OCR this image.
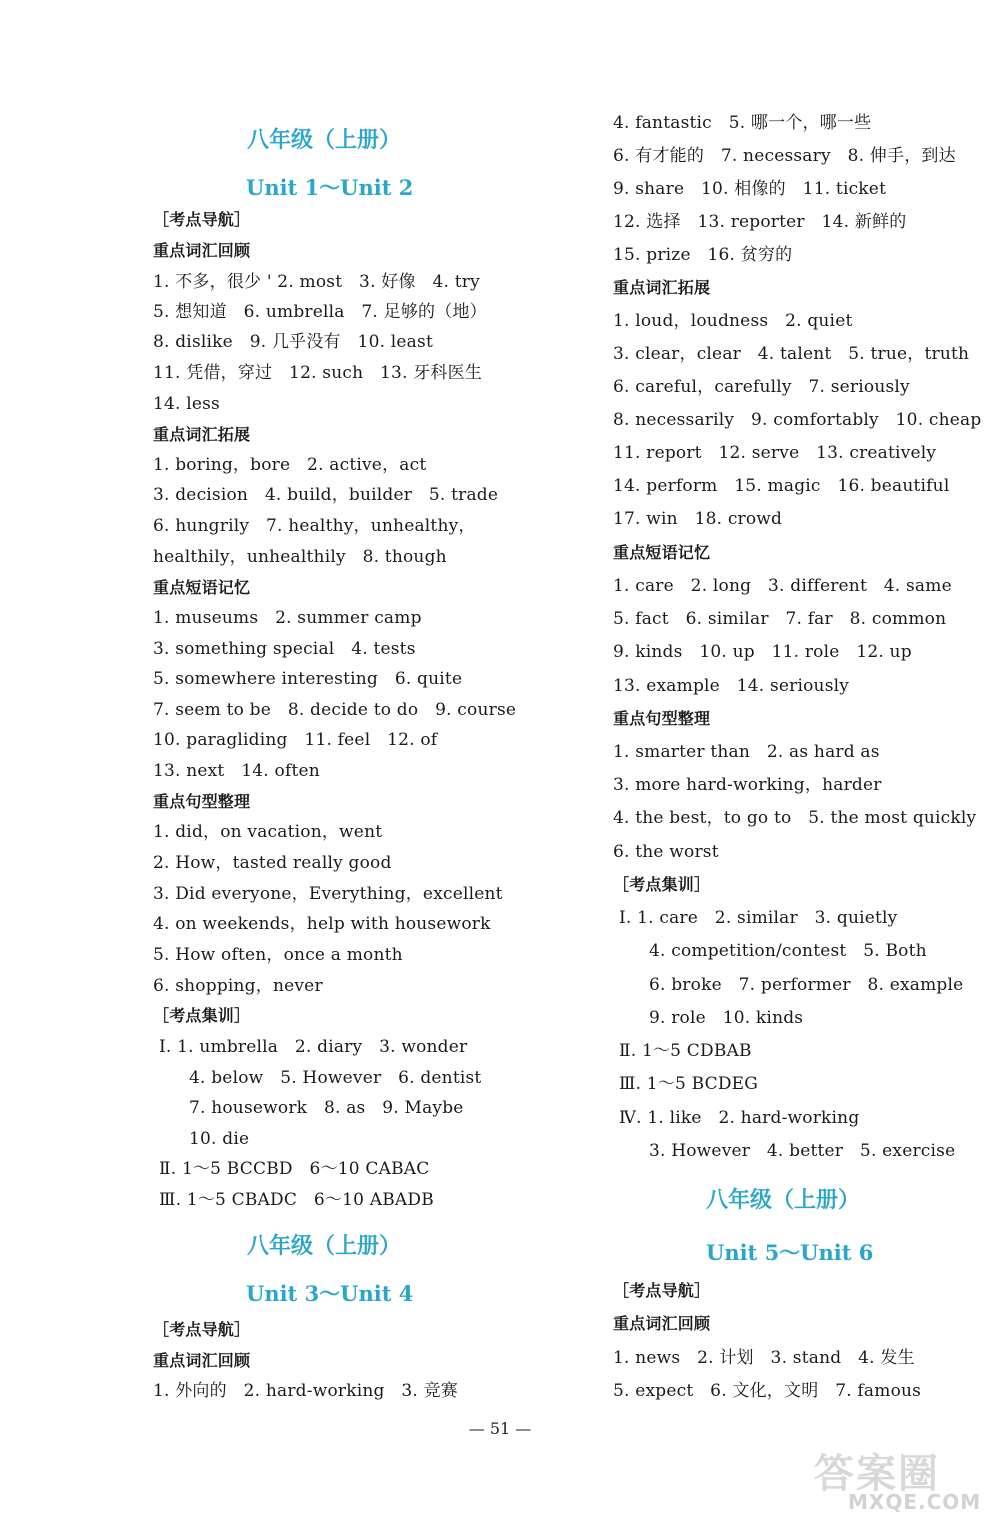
八年级（上册）
Unit 1～Unit 2
［考点导航］
重点词汇回顾
1. 不多，很少 ' 2. most   3. 好像   4. try
5. 想知道   6. umbrella   7. 足够的（地）
8. dislike   9. 几乎没有   10. least
11. 凭借，穿过   12. such   13. 牙科医生
14. less
重点词汇拓展
1. boring，bore   2. active，act
3. decision   4. build，builder   5. trade
6. hungrily   7. healthy，unhealthy，
healthily，unhealthily   8. though
重点短语记忆
1. museums   2. summer camp
3. something special   4. tests
5. somewhere interesting   6. quite
7. seem to be   8. decide to do   9. course
10. paragliding   11. feel   12. of
13. next   14. often
重点句型整理
1. did，on vacation，went
2. How，tasted really good
3. Did everyone，Everything，excellent
4. on weekends，help with housework
5. How often，once a month
6. shopping，never
［考点集训］
Ⅰ. 1. umbrella   2. diary   3. wonder
4. below   5. However   6. dentist
7. housework   8. as   9. Maybe
10. die
Ⅱ. 1～5 BCCBD   6～10 CABAC
Ⅲ. 1～5 CBADC   6～10 ABADB
八年级（上册）
Unit 3～Unit 4
［考点导航］
重点词汇回顾
1. 外向的   2. hard-working   3. 竞赛
4. fantastic   5. 哪一个，哪一些
6. 有才能的   7. necessary   8. 伸手，到达
9. share   10. 相像的   11. ticket
12. 选择   13. reporter   14. 新鲜的
15. prize   16. 贫穷的
重点词汇拓展
1. loud，loudness   2. quiet
3. clear，clear   4. talent   5. true，truth
6. careful，carefully   7. seriously
8. necessarily   9. comfortably   10. cheap
11. report   12. serve   13. creatively
14. perform   15. magic   16. beautiful
17. win   18. crowd
重点短语记忆
1. care   2. long   3. different   4. same
5. fact   6. similar   7. far   8. common
9. kinds   10. up   11. role   12. up
13. example   14. seriously
重点句型整理
1. smarter than   2. as hard as
3. more hard-working，harder
4. the best，to go to   5. the most quickly
6. the worst
［考点集训］
Ⅰ. 1. care   2. similar   3. quietly
4. competition/contest   5. Both
6. broke   7. performer   8. example
9. role   10. kinds
Ⅱ. 1～5 CDBAB
Ⅲ. 1～5 BCDEG
Ⅳ. 1. like   2. hard-working
3. However   4. better   5. exercise
八年级（上册）
Unit 5～Unit 6
［考点导航］
重点词汇回顾
1. news   2. 计划   3. stand   4. 发生
5. expect   6. 文化，文明   7. famous
— 51 —
答案圈
MXQE.COM
